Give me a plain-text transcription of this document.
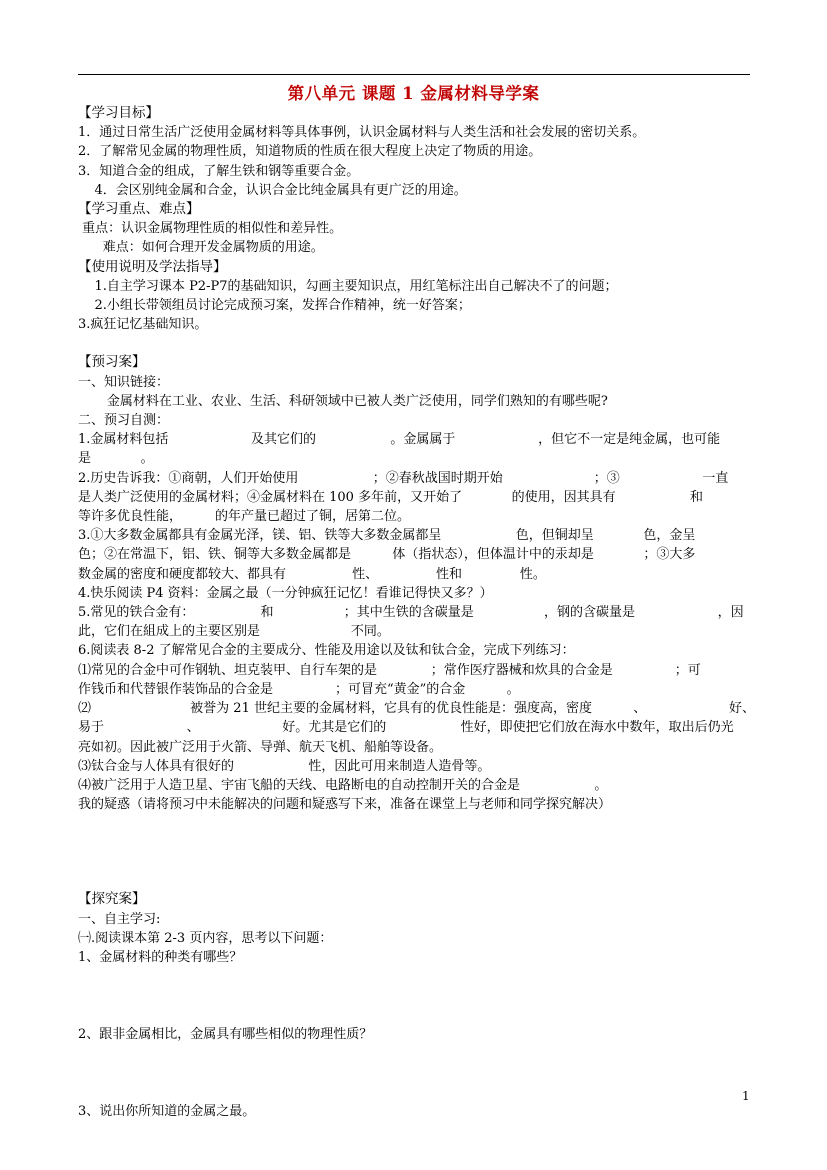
第八单元 课题 1 金属材料导学案
【学习目标】
1．通过日常生活广泛使用金属材料等具体事例，认识金属材料与人类生活和社会发展的密切关系。
2．了解常见金属的物理性质，知道物质的性质在很大程度上决定了物质的用途。
3．知道合金的组成，了解生铁和钢等重要合金。
4．会区别纯金属和合金，认识合金比纯金属具有更广泛的用途。
【学习重点、难点】
重点：认识金属物理性质的相似性和差异性。
难点：如何合理开发金属物质的用途。
【使用说明及学法指导】
1.自主学习课本 P2-P7的基础知识，勾画主要知识点，用红笔标注出自己解决不了的问题；
2.小组长带领组员讨论完成预习案，发挥合作精神，统一好答案；
3.疯狂记忆基础知识。
【预习案】
一、知识链接：
金属材料在工业、农业、生活、科研领域中已被人类广泛使用，同学们熟知的有哪些呢?
二、预习自测：
1.金属材料包括                    及其它们的                  。金属属于                    ，但它不一定是纯金属，也可能
是            。
2.历史告诉我：①商朝，人们开始使用                  ；②春秋战国时期开始                      ；③                    一直
是人类广泛使用的金属材料；④金属材料在 100 多年前，又开始了            的使用，因其具有                  和
等许多优良性能，        的年产量已超过了铜，居第二位。
3.①大多数金属都具有金属光泽，镁、铝、铁等大多数金属都呈                  色，但铜却呈            色，金呈
色；②在常温下，铝、铁、铜等大多数金属都是          体（指状态），但体温计中的汞却是            ；③大多
数金属的密度和硬度都较大、都具有                性、              性和              性。
4.快乐阅读 P4 资料：金属之最（一分钟疯狂记忆！看谁记得快又多？）
5.常见的铁合金有：                和                 ；其中生铁的含碳量是                 ，钢的含碳量是                    ，因
此，它们在組成上的主要区别是                      不同。
6.阅读表 8-2 了解常见合金的主要成分、性能及用途以及钛和钛合金，完成下列练习：
⑴常见的合金中可作钢轨、坦克装甲、自行车架的是             ；常作医疗器械和炊具的合金是               ；可
作钱币和代替银作装饰品的合金是               ；可冒充“黄金”的合金          。
⑵                        被誉为 21 世纪主要的金属材料，它具有的优良性能是：强度高，密度          、                    好、
易于                    、                    好。尤其是它们的                  性好，即使把它们放在海水中数年，取出后仍光
亮如初。因此被广泛用于火箭、导弹、航天飞机、船舶等设备。
⑶钛合金与人体具有很好的                  性，因此可用来制造人造骨等。
⑷被广泛用于人造卫星、宇宙飞船的天线、电路断电的自动控制开关的合金是                  。
我的疑惑（请将预习中未能解决的问题和疑惑写下来，准备在课堂上与老师和同学探究解决）
【探究案】
一、自主学习:
㈠.阅读课本第 2-3 页内容，思考以下问题：
1、金属材料的种类有哪些？
2、跟非金属相比，金属具有哪些相似的物理性质？
3、说出你所知道的金属之最。
1
